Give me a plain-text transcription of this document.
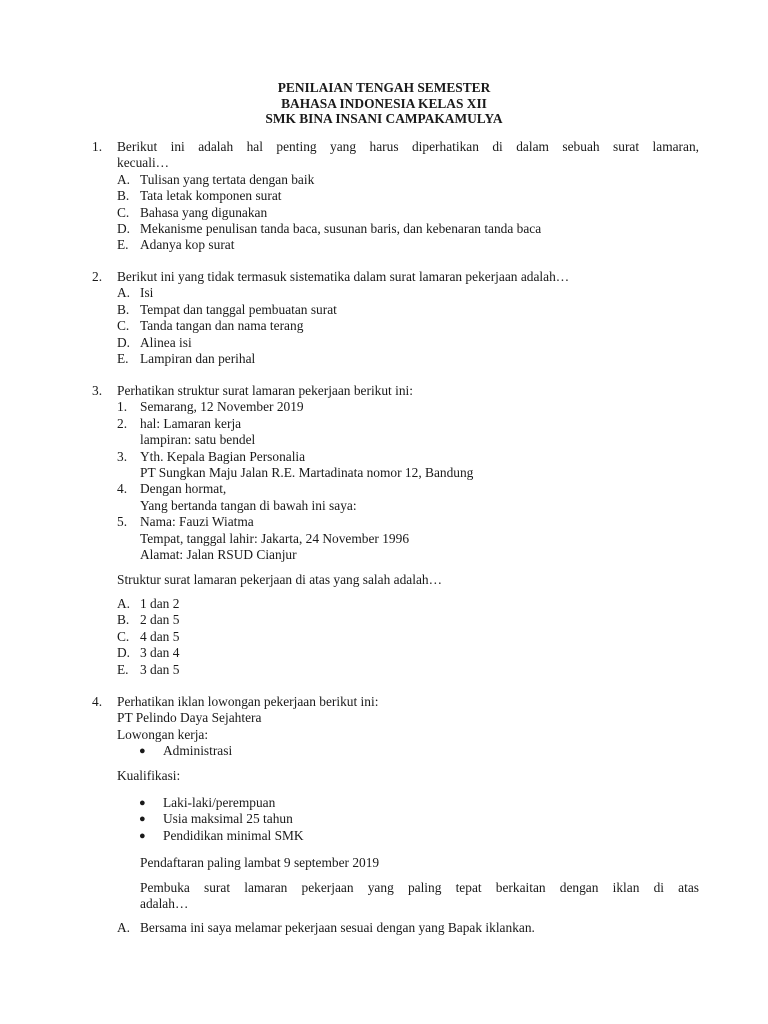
PENILAIAN TENGAH SEMESTER
BAHASA INDONESIA KELAS XII
SMK BINA INSANI CAMPAKAMULYA
1. Berikut ini adalah hal penting yang harus diperhatikan di dalam sebuah surat lamaran,
kecuali…
A. Tulisan yang tertata dengan baik
B. Tata letak komponen surat
C. Bahasa yang digunakan
D. Mekanisme penulisan tanda baca, susunan baris, dan kebenaran tanda baca
E. Adanya kop surat
2. Berikut ini yang tidak termasuk sistematika dalam surat lamaran pekerjaan adalah…
A. Isi
B. Tempat dan tanggal pembuatan surat
C. Tanda tangan dan nama terang
D. Alinea isi
E. Lampiran dan perihal
3. Perhatikan struktur surat lamaran pekerjaan berikut ini:
1. Semarang, 12 November 2019
2. hal: Lamaran kerja
lampiran: satu bendel
3. Yth. Kepala Bagian Personalia
PT Sungkan Maju Jalan R.E. Martadinata nomor 12, Bandung
4. Dengan hormat,
Yang bertanda tangan di bawah ini saya:
5. Nama: Fauzi Wiatma
Tempat, tanggal lahir: Jakarta, 24 November 1996
Alamat: Jalan RSUD Cianjur
Struktur surat lamaran pekerjaan di atas yang salah adalah…
A. 1 dan 2
B. 2 dan 5
C. 4 dan 5
D. 3 dan 4
E. 3 dan 5
4. Perhatikan iklan lowongan pekerjaan berikut ini:
PT Pelindo Daya Sejahtera
Lowongan kerja:
● Administrasi
Kualifikasi:
● Laki-laki/perempuan
● Usia maksimal 25 tahun
● Pendidikan minimal SMK
Pendaftaran paling lambat 9 september 2019
Pembuka surat lamaran pekerjaan yang paling tepat berkaitan dengan iklan di atas
adalah…
A. Bersama ini saya melamar pekerjaan sesuai dengan yang Bapak iklankan.
